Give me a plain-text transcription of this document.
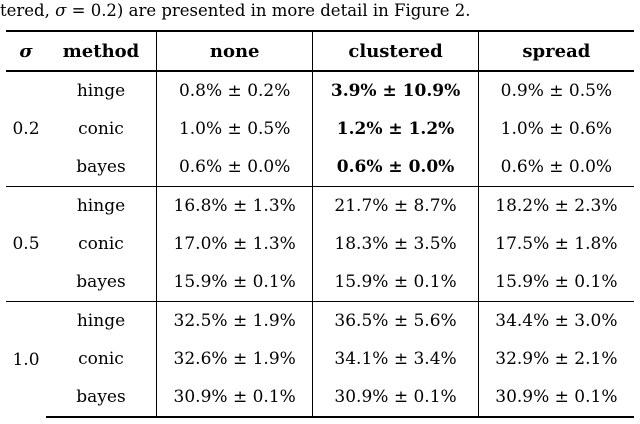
tered, σ = 0.2) are presented in more detail in Figure 2.
σ	method	none	clustered	spread
0.2	hinge	0.8% ± 0.2%	3.9% ± 10.9%	0.9% ± 0.5%
	conic	1.0% ± 0.5%	1.2% ± 1.2%	1.0% ± 0.6%
	bayes	0.6% ± 0.0%	0.6% ± 0.0%	0.6% ± 0.0%
0.5	hinge	16.8% ± 1.3%	21.7% ± 8.7%	18.2% ± 2.3%
	conic	17.0% ± 1.3%	18.3% ± 3.5%	17.5% ± 1.8%
	bayes	15.9% ± 0.1%	15.9% ± 0.1%	15.9% ± 0.1%
1.0	hinge	32.5% ± 1.9%	36.5% ± 5.6%	34.4% ± 3.0%
	conic	32.6% ± 1.9%	34.1% ± 3.4%	32.9% ± 2.1%
	bayes	30.9% ± 0.1%	30.9% ± 0.1%	30.9% ± 0.1%
